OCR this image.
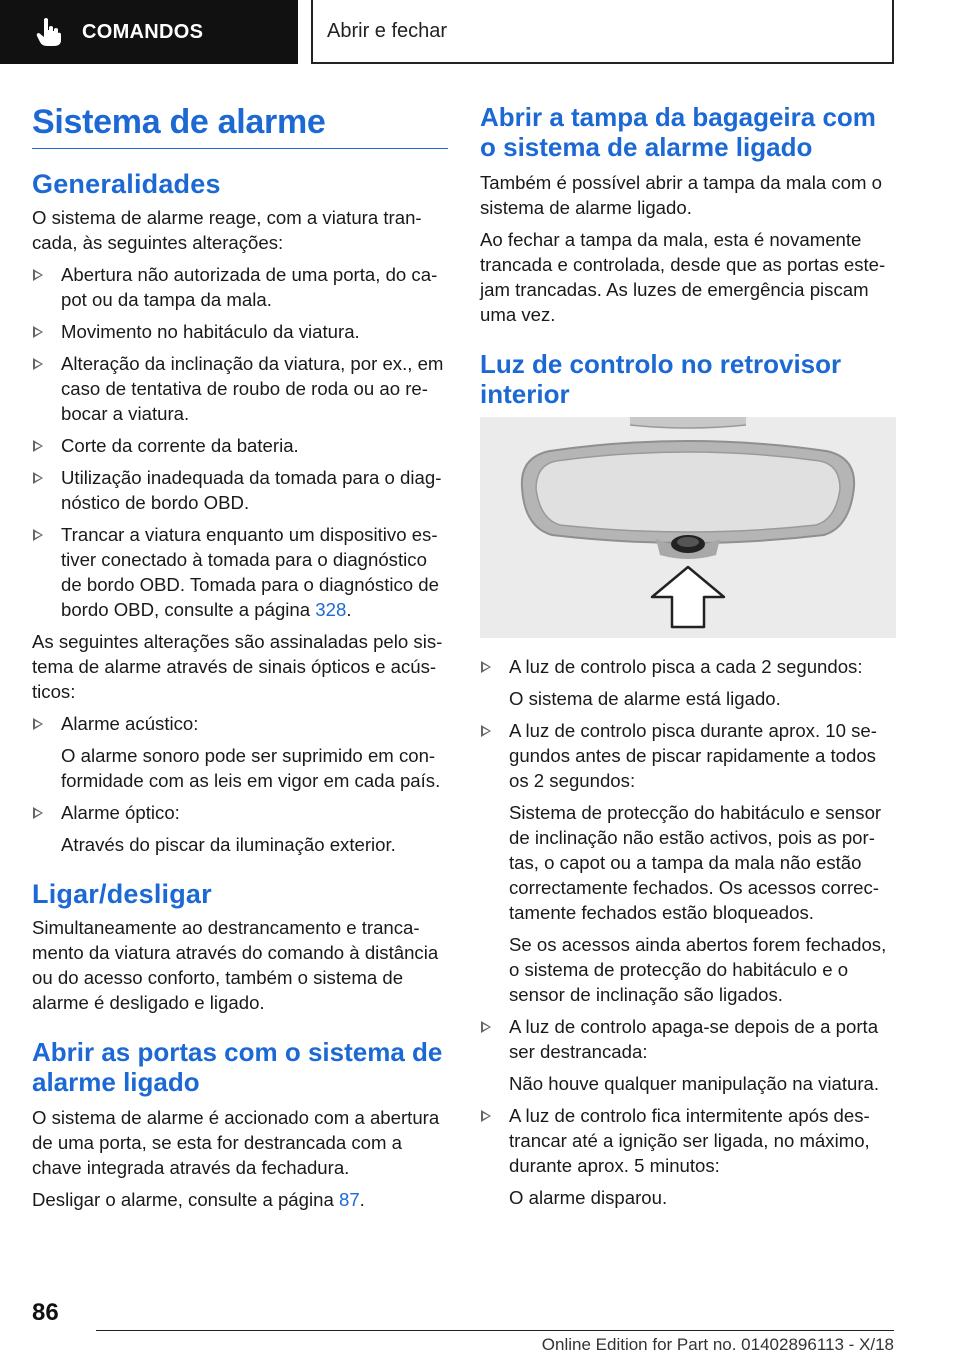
COMANDOS	Abrir e fechar
Sistema de alarme
Generalidades

O sistema de alarme reage, com a viatura trancada, às seguintes alterações:

Abertura não autorizada de uma porta, do capot ou da tampa da mala.
Movimento no habitáculo da viatura.
Alteração da inclinação da viatura, por ex., em caso de tentativa de roubo de roda ou ao rebocar a viatura.
Corte da corrente da bateria.
Utilização inadequada da tomada para o diagnóstico de bordo OBD.
Trancar a viatura enquanto um dispositivo estiver conectado à tomada para o diagnóstico de bordo OBD. Tomada para o diagnóstico de bordo OBD, consulte a página 328.

As seguintes alterações são assinaladas pelo sistema de alarme através de sinais ópticos e acústicos:

Alarme acústico:
O alarme sonoro pode ser suprimido em conformidade com as leis em vigor em cada país.
Alarme óptico:
Através do piscar da iluminação exterior.
Ligar/desligar

Simultaneamente ao destrancamento e trancamento da viatura através do comando à distância ou do acesso conforto, também o sistema de alarme é desligado e ligado.

Abrir as portas com o sistema de alarme ligado

O sistema de alarme é accionado com a abertura de uma porta, se esta for destrancada com a chave integrada através da fechadura.

Desligar o alarme, consulte a página 87.

Abrir a tampa da bagageira com o sistema de alarme ligado

Também é possível abrir a tampa da mala com o sistema de alarme ligado.

Ao fechar a tampa da mala, esta é novamente trancada e controlada, desde que as portas estejam trancadas. As luzes de emergência piscam uma vez.

Luz de controlo no retrovisor interior
A luz de controlo pisca a cada 2 segundos:
O sistema de alarme está ligado.
A luz de controlo pisca durante aprox. 10 segundos antes de piscar rapidamente a todos os 2 segundos:
Sistema de protecção do habitáculo e sensor de inclinação não estão activos, pois as portas, o capot ou a tampa da mala não estão correctamente fechados. Os acessos correctamente fechados estão bloqueados.
Se os acessos ainda abertos forem fechados, o sistema de protecção do habitáculo e o sensor de inclinação são ligados.
A luz de controlo apaga-se depois de a porta ser destrancada:
Não houve qualquer manipulação na viatura.
A luz de controlo fica intermitente após destrancar até a ignição ser ligada, no máximo, durante aprox. 5 minutos:
O alarme disparou.
86
Online Edition for Part no. 01402896113 - X/18
